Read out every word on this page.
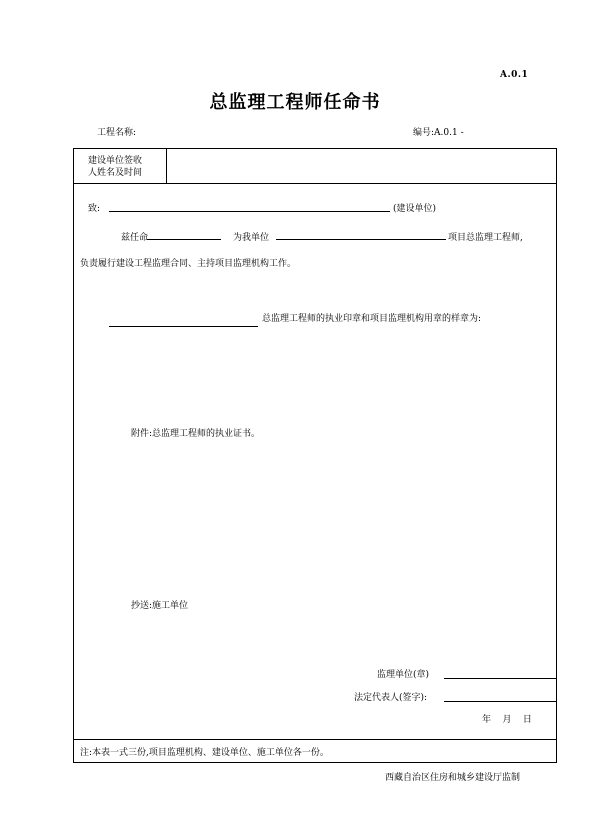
A.0.1
总监理工程师任命书
工程名称:	编号:A.0.1 -
建设单位签收
人姓名及时间
致:	(建设单位)
兹任命	为我单位	项目总监理工程师,
负责履行建设工程监理合同、主持项目监理机构工作。
总监理工程师的执业印章和项目监理机构用章的样章为:
附件:总监理工程师的执业证书。
抄送:施工单位
监理单位(章)
法定代表人(签字):
年    月    日
注:本表一式三份,项目监理机构、建设单位、施工单位各一份。
西藏自治区住房和城乡建设厅监制
